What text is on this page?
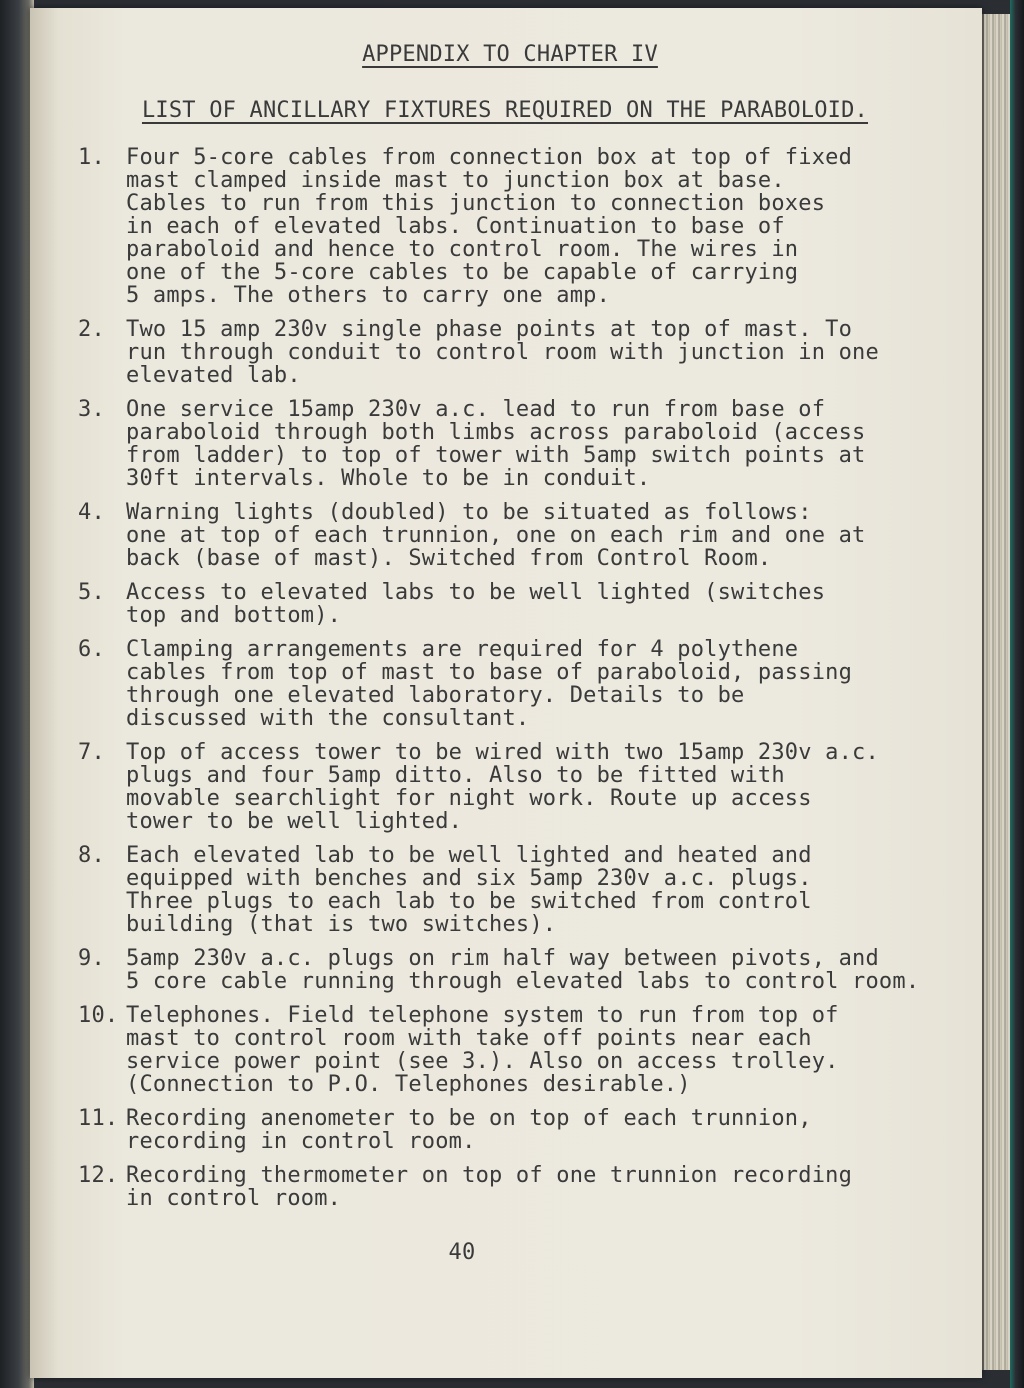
APPENDIX TO CHAPTER IV
LIST OF ANCILLARY FIXTURES REQUIRED ON THE PARABOLOID.
1. Four 5-core cables from connection box at top of fixed
mast clamped inside mast to junction box at base.
Cables to run from this junction to connection boxes
in each of elevated labs. Continuation to base of
paraboloid and hence to control room. The wires in
one of the 5-core cables to be capable of carrying
5 amps. The others to carry one amp.
2. Two 15 amp 230v single phase points at top of mast. To
run through conduit to control room with junction in one
elevated lab.
3. One service 15amp 230v a.c. lead to run from base of
paraboloid through both limbs across paraboloid (access
from ladder) to top of tower with 5amp switch points at
30ft intervals. Whole to be in conduit.
4. Warning lights (doubled) to be situated as follows:
one at top of each trunnion, one on each rim and one at
back (base of mast). Switched from Control Room.
5. Access to elevated labs to be well lighted (switches
top and bottom).
6. Clamping arrangements are required for 4 polythene
cables from top of mast to base of paraboloid, passing
through one elevated laboratory. Details to be
discussed with the consultant.
7. Top of access tower to be wired with two 15amp 230v a.c.
plugs and four 5amp ditto. Also to be fitted with
movable searchlight for night work. Route up access
tower to be well lighted.
8. Each elevated lab to be well lighted and heated and
equipped with benches and six 5amp 230v a.c. plugs.
Three plugs to each lab to be switched from control
building (that is two switches).
9. 5amp 230v a.c. plugs on rim half way between pivots, and
5 core cable running through elevated labs to control room.
10. Telephones. Field telephone system to run from top of
mast to control room with take off points near each
service power point (see 3.). Also on access trolley.
(Connection to P.O. Telephones desirable.)
11. Recording anenometer to be on top of each trunnion,
recording in control room.
12. Recording thermometer on top of one trunnion recording
in control room.
40
